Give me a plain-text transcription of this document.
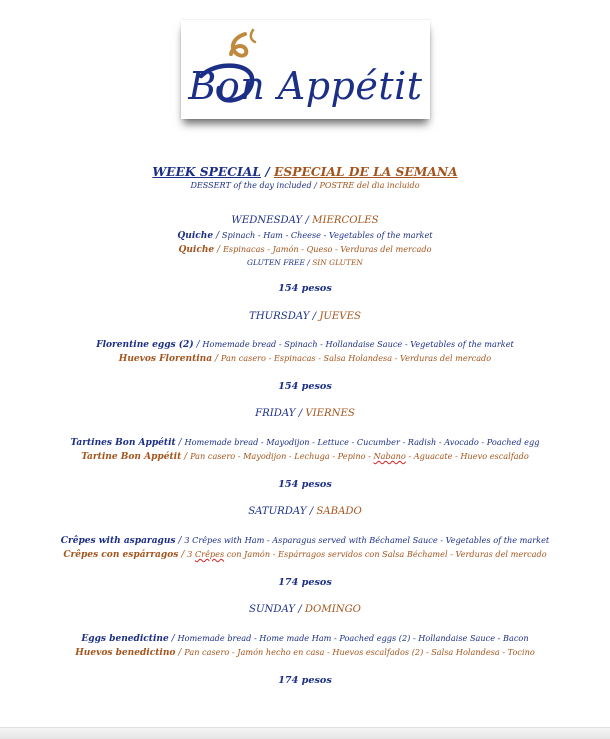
Bon Appétit
WEEK SPECIAL / ESPECIAL DE LA SEMANA
DESSERT of the day included / POSTRE del dia incluido
WEDNESDAY / MIERCOLES
Quiche / Spinach - Ham - Cheese - Vegetables of the market
Quiche / Espinacas - Jamón - Queso - Verduras del mercado
GLUTEN FREE / SIN GLUTEN
154 pesos
THURSDAY / JUEVES
Florentine eggs (2) / Homemade bread - Spinach - Hollandaise Sauce - Vegetables of the market
Huevos Florentina / Pan casero - Espinacas - Salsa Holandesa - Verduras del mercado
154 pesos
FRIDAY / VIERNES
Tartines Bon Appétit / Homemade bread - Mayodijon - Lettuce - Cucumber - Radish - Avocado - Poached egg
Tartine Bon Appétit / Pan casero - Mayodijon - Lechuga - Pepino - Nabano - Aguacate - Huevo escalfado
154 pesos
SATURDAY / SABADO
Crêpes with asparagus / 3 Crêpes with Ham - Asparagus served with Béchamel Sauce - Vegetables of the market
Crêpes con espárragos / 3 Crêpes con Jamón - Espárragos servidos con Salsa Béchamel - Verduras del mercado
174 pesos
SUNDAY / DOMINGO
Eggs benedictine / Homemade bread - Home made Ham - Poached eggs (2) - Hollandaise Sauce - Bacon
Huevos benedictino / Pan casero - Jamón hecho en casa - Huevos escalfados (2) - Salsa Holandesa - Tocino
174 pesos
